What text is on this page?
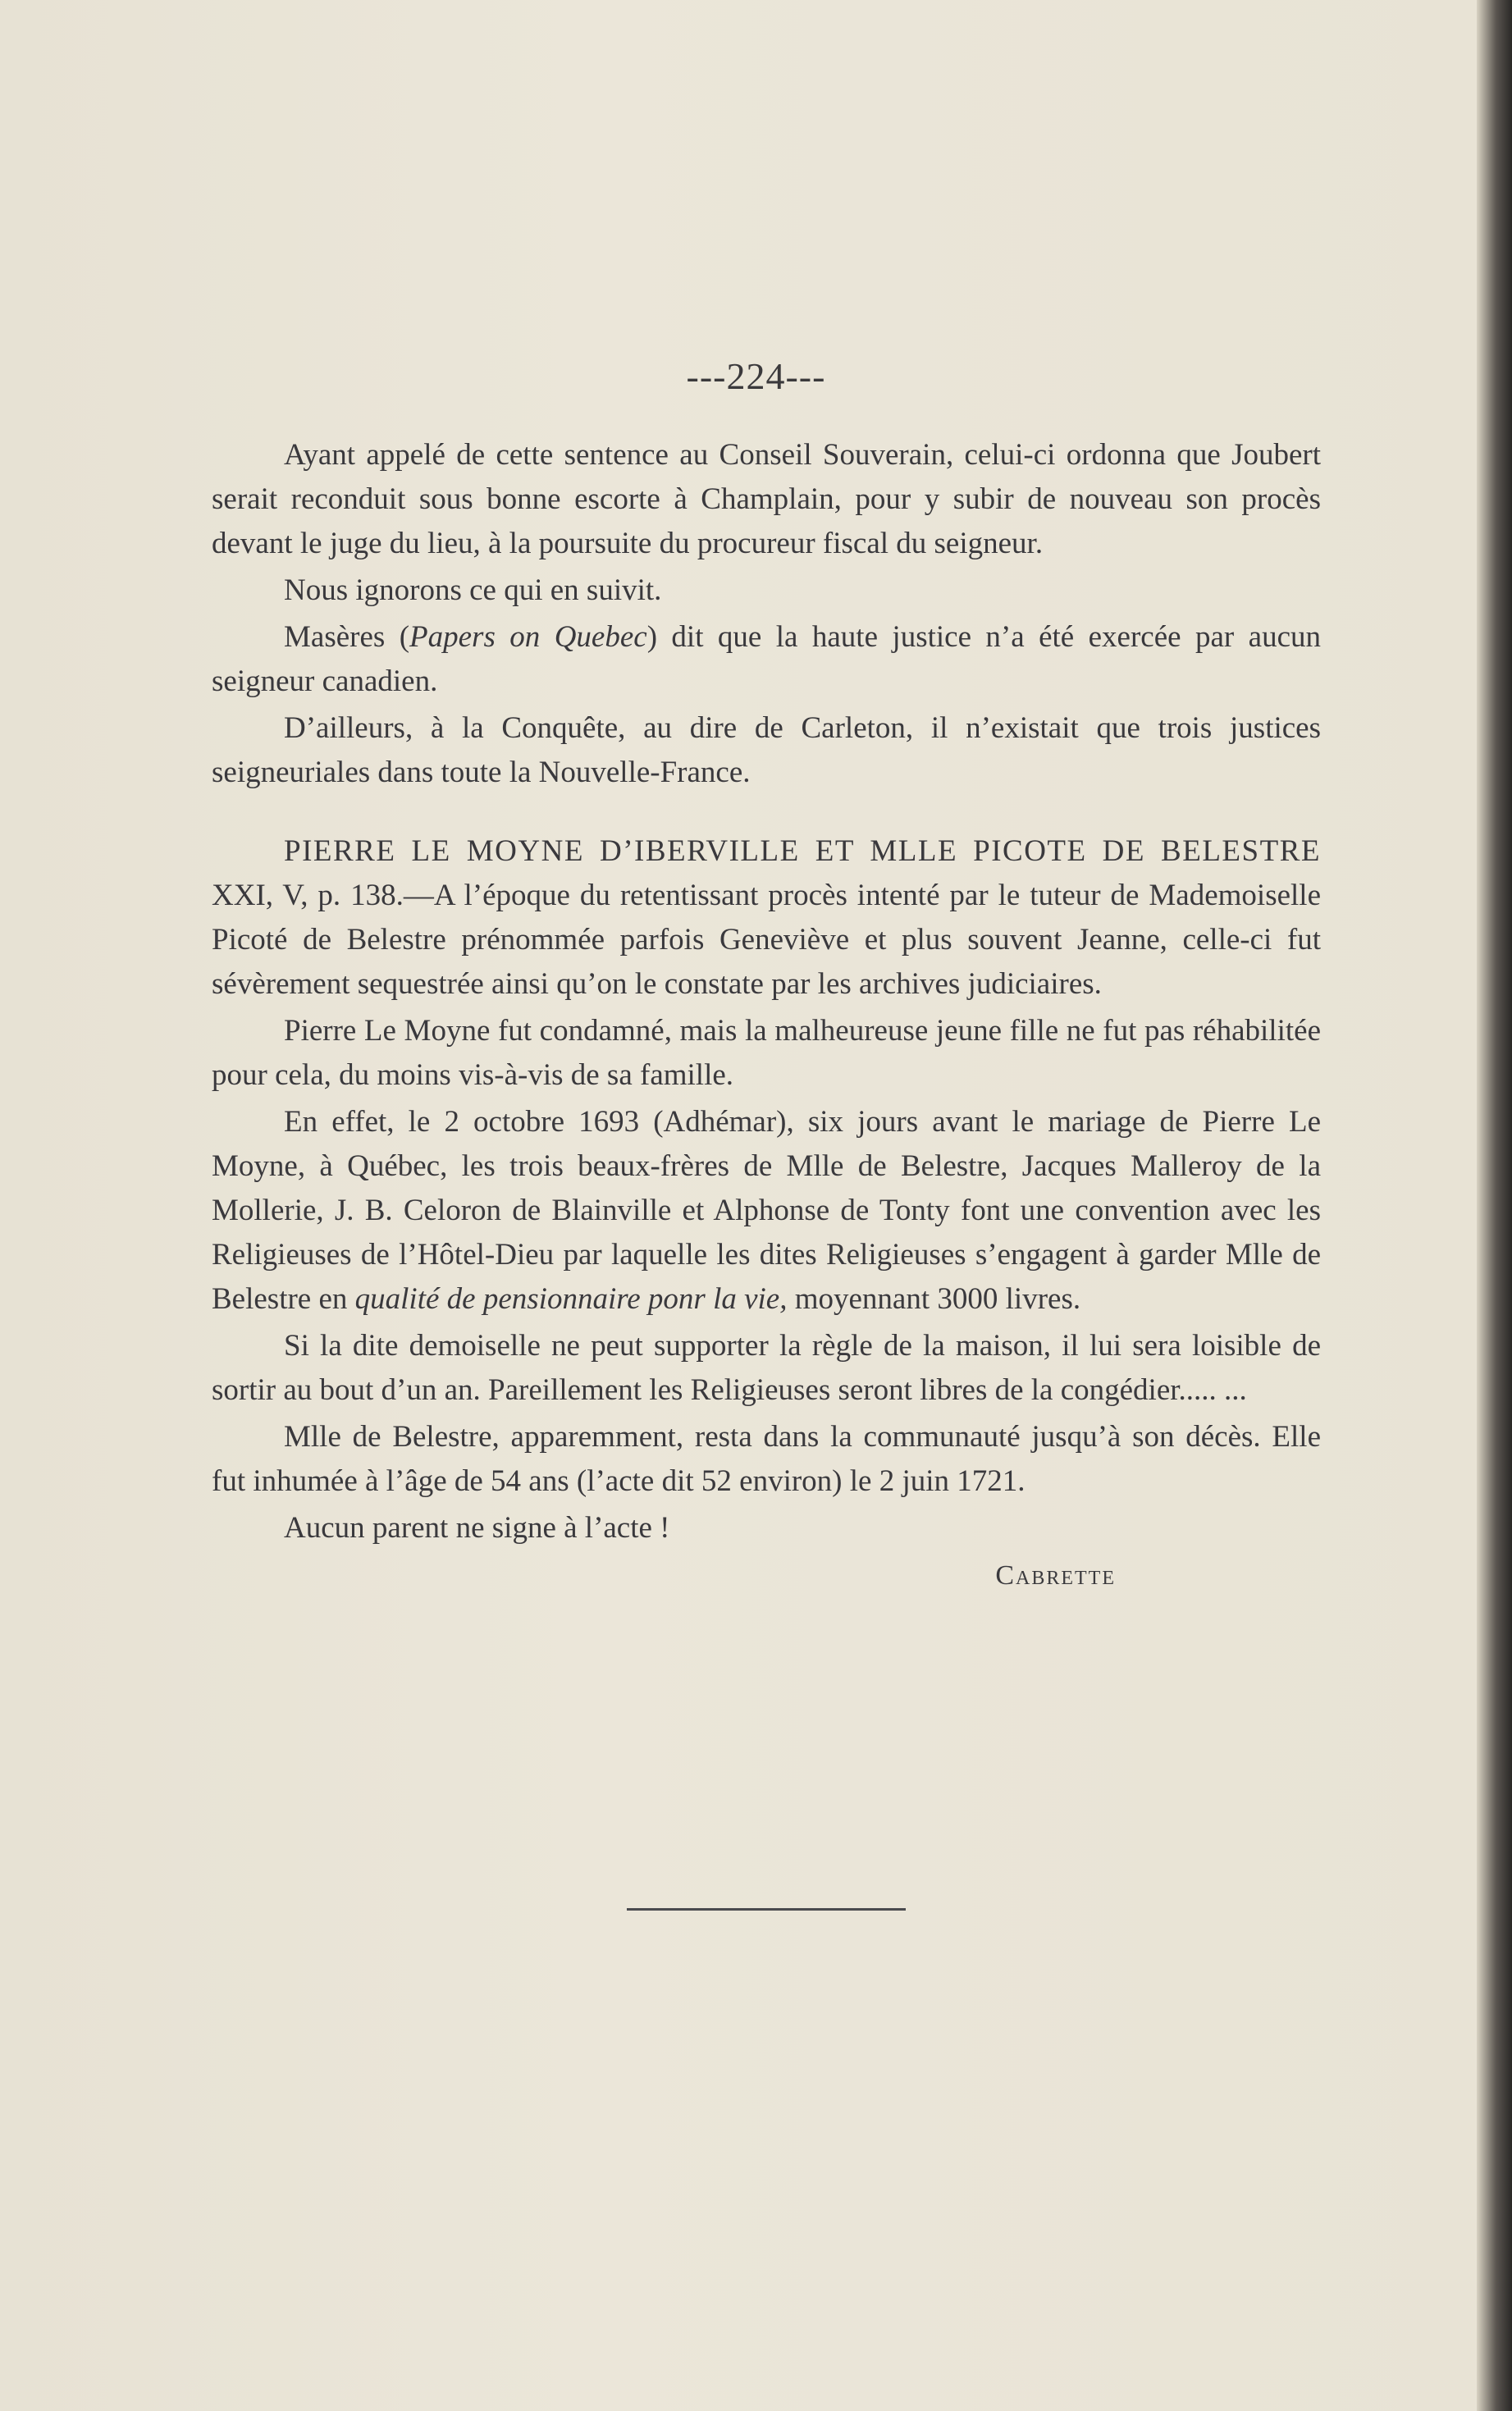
---224---

Ayant appelé de cette sentence au Conseil Souverain, celui-ci ordonna que Joubert serait reconduit sous bonne escorte à Champlain, pour y subir de nouveau son procès devant le juge du lieu, à la poursuite du procureur fiscal du seigneur.

Nous ignorons ce qui en suivit.

Masères (Papers on Quebec) dit que la haute justice n’a été exercée par aucun seigneur canadien.

D’ailleurs, à la Conquête, au dire de Carleton, il n’existait que trois justices seigneuriales dans toute la Nouvelle-France.

PIERRE LE MOYNE D’IBERVILLE ET MLLE PICOTE DE BELESTRE XXI, V, p. 138.—A l’époque du retentissant procès intenté par le tuteur de Mademoiselle Picoté de Belestre prénommée parfois Geneviève et plus souvent Jeanne, celle-ci fut sévèrement sequestrée ainsi qu’on le constate par les archives judiciaires.

Pierre Le Moyne fut condamné, mais la malheureuse jeune fille ne fut pas réhabilitée pour cela, du moins vis-à-vis de sa famille.

En effet, le 2 octobre 1693 (Adhémar), six jours avant le mariage de Pierre Le Moyne, à Québec, les trois beaux-frères de Mlle de Belestre, Jacques Malleroy de la Mollerie, J. B. Celoron de Blainville et Alphonse de Tonty font une convention avec les Religieuses de l’Hôtel-Dieu par laquelle les dites Religieuses s’engagent à garder Mlle de Belestre en qualité de pensionnaire ponr la vie, moyennant 3000 livres.

Si la dite demoiselle ne peut supporter la règle de la maison, il lui sera loisible de sortir au bout d’un an. Pareillement les Religieuses seront libres de la congédier..... ...

Mlle de Belestre, apparemment, resta dans la communauté jusqu’à son décès. Elle fut inhumée à l’âge de 54 ans (l’acte dit 52 environ) le 2 juin 1721.

Aucun parent ne signe à l’acte !

Cabrette
